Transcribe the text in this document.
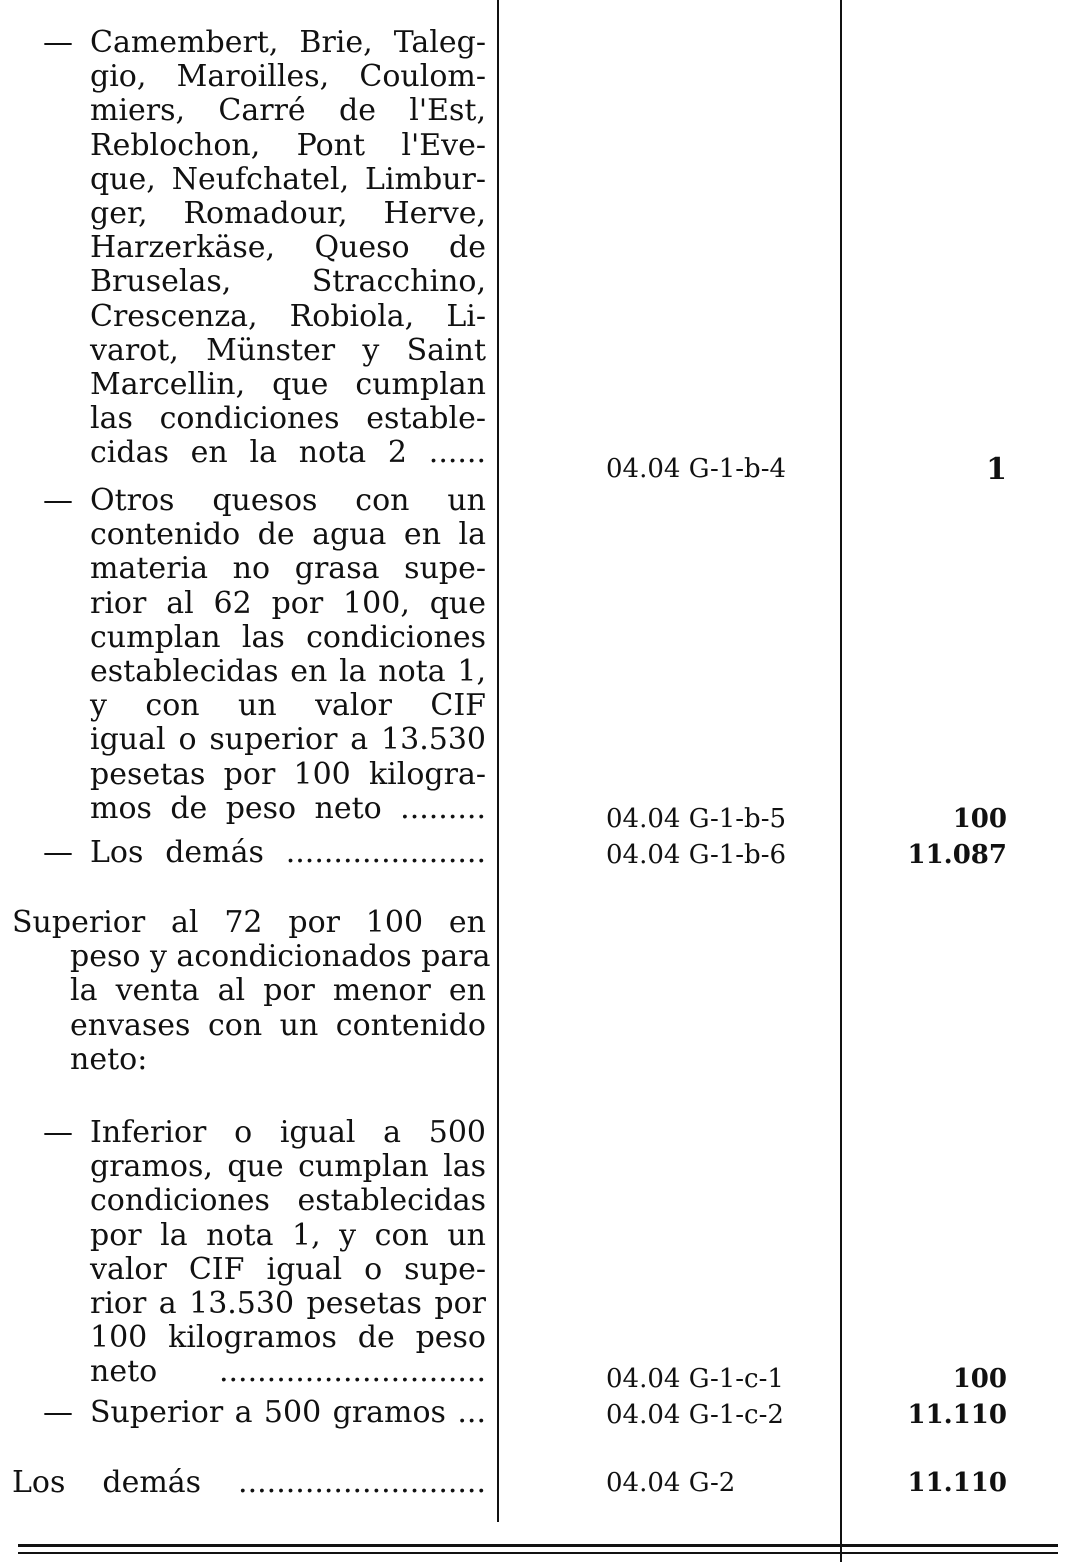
— Camembert, Brie, Taleg-
gio, Maroilles, Coulom-
miers, Carré de l'Est,
Reblochon, Pont l'Eve-
que, Neufchatel, Limbur-
ger, Romadour, Herve,
Harzerkäse, Queso de
Bruselas, Stracchino,
Crescenza, Robiola, Li-
varot, Münster y Saint
Marcellin, que cumplan
las condiciones estable-
cidas en la nota 2 ......	04.04 G-1-b-4	1
— Otros quesos con un
contenido de agua en la
materia no grasa supe-
rior al 62 por 100, que
cumplan las condiciones
establecidas en la nota 1,
y con un valor CIF
igual o superior a 13.530
pesetas por 100 kilogra-
mos de peso neto .........	04.04 G-1-b-5	100
— Los demás .....................	04.04 G-1-b-6	11.087
Superior al 72 por 100 en
peso y acondicionados para
la venta al por menor en
envases con un contenido
neto:
— Inferior o igual a 500
gramos, que cumplan las
condiciones establecidas
por la nota 1, y con un
valor CIF igual o supe-
rior a 13.530 pesetas por
100 kilogramos de peso
neto ............................	04.04 G-1-c-1	100
— Superior a 500 gramos ...	04.04 G-1-c-2	11.110
Los demás ..........................	04.04 G-2	11.110
